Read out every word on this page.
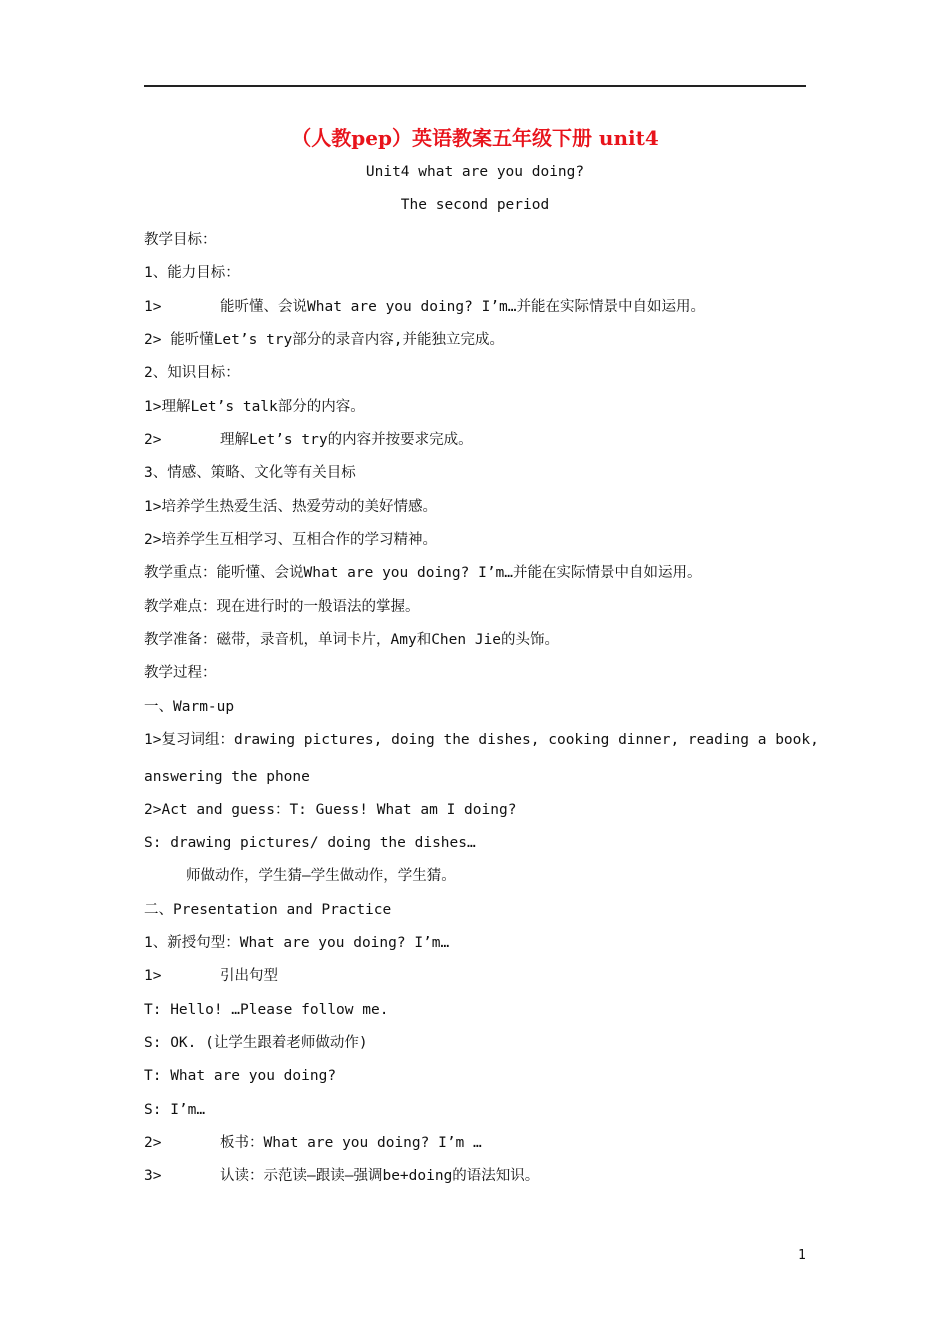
（人教pep）英语教案五年级下册 unit4
Unit4 what are you doing?
The second period
教学目标：
1、能力目标：
1>	能听懂、会说What are you doing? I’m…并能在实际情景中自如运用。
2> 能听懂Let’s try部分的录音内容,并能独立完成。
2、知识目标：
1>理解Let’s talk部分的内容。
2>	理解Let’s try的内容并按要求完成。
3、情感、策略、文化等有关目标
1>培养学生热爱生活、热爱劳动的美好情感。
2>培养学生互相学习、互相合作的学习精神。
教学重点：能听懂、会说What are you doing? I’m…并能在实际情景中自如运用。
教学难点：现在进行时的一般语法的掌握。
教学准备：磁带，录音机，单词卡片，Amy和Chen Jie的头饰。
教学过程：
一、Warm-up
1>复习词组：drawing pictures, doing the dishes, cooking dinner, reading a book,
answering the phone
2>Act and guess：T: Guess! What am I doing?
S: drawing pictures/ doing the dishes…
师做动作，学生猜—学生做动作，学生猜。
二、Presentation and Practice
1、新授句型：What are you doing? I’m…
1>	引出句型
T: Hello! …Please follow me.
S: OK. (让学生跟着老师做动作)
T: What are you doing?
S: I’m…
2>	板书：What are you doing? I’m …
3>	认读：示范读—跟读—强调be+doing的语法知识。
1
